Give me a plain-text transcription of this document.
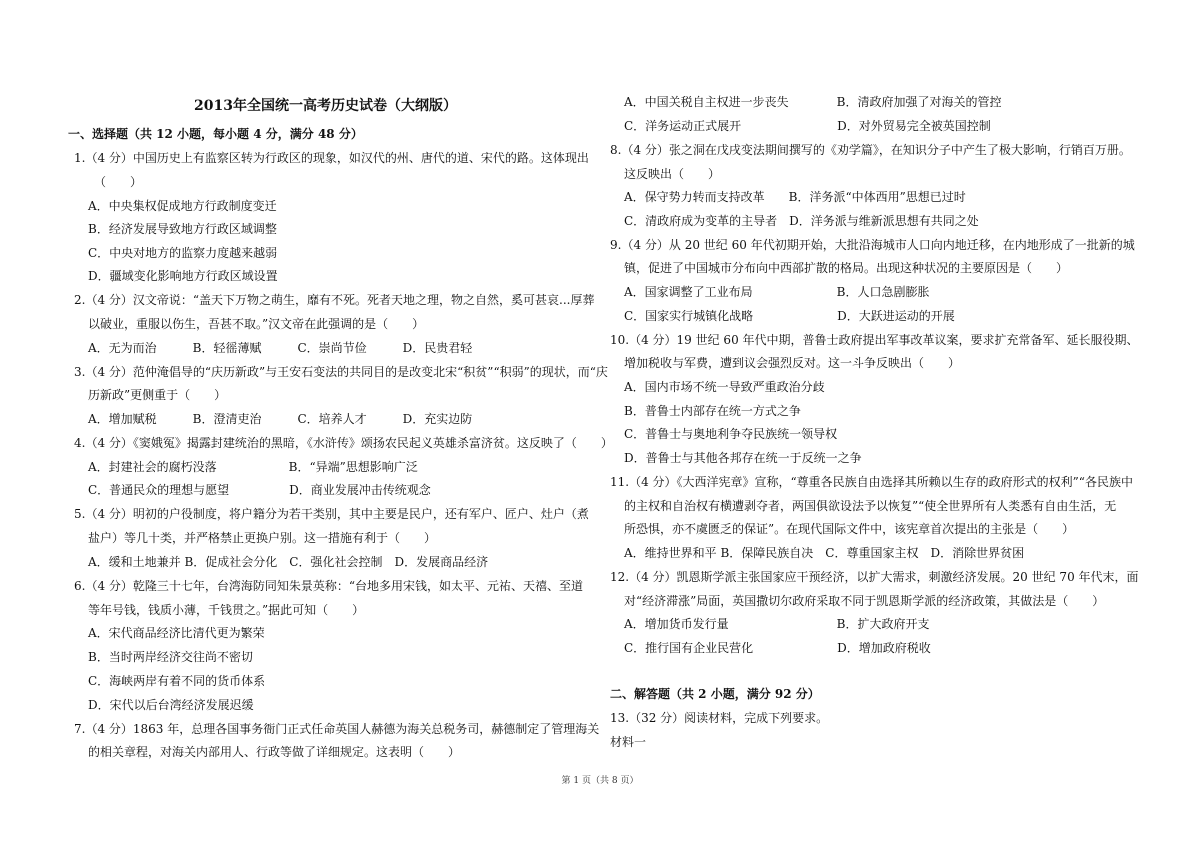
2013年全国统一高考历史试卷（大纲版）
一、选择题（共 12 小题，每小题 4 分，满分 48 分）
1.（4 分）中国历史上有监察区转为行政区的现象，如汉代的州、唐代的道、宋代的路。这体现出
（　　）
A．中央集权促成地方行政制度变迁
B．经济发展导致地方行政区域调整
C．中央对地方的监察力度越来越弱
D．疆域变化影响地方行政区域设置
2.（4 分）汉文帝说：“盖天下万物之萌生，靡有不死。死者天地之理，物之自然，奚可甚哀...厚葬
以破业，重服以伤生，吾甚不取。”汉文帝在此强调的是（　　）
A．无为而治　　　B．轻徭薄赋　　　C．崇尚节俭　　　D．民贵君轻
3.（4 分）范仲淹倡导的“庆历新政”与王安石变法的共同目的是改变北宋“积贫”“积弱”的现状，而“庆
历新政”更侧重于（　　）
A．增加赋税　　　B．澄清吏治　　　C．培养人才　　　D．充实边防
4.（4 分）《窦娥冤》揭露封建统治的黑暗，《水浒传》颂扬农民起义英雄杀富济贫。这反映了（　　）
A．封建社会的腐朽没落　　　　　　B．“异端”思想影响广泛
C．普通民众的理想与愿望　　　　　D．商业发展冲击传统观念
5.（4 分）明初的户役制度，将户籍分为若干类别，其中主要是民户，还有军户、匠户、灶户（煮
盐户）等几十类，并严格禁止更换户别。这一措施有利于（　　）
A．缓和土地兼并 B．促成社会分化　C．强化社会控制　D．发展商品经济
6.（4 分）乾隆三十七年，台湾海防同知朱景英称：“台地多用宋钱，如太平、元祐、天禧、至道
等年号钱，钱质小薄，千钱贯之。”据此可知（　　）
A．宋代商品经济比清代更为繁荣
B．当时两岸经济交往尚不密切
C．海峡两岸有着不同的货币体系
D．宋代以后台湾经济发展迟缓
7.（4 分）1863 年，总理各国事务衙门正式任命英国人赫德为海关总税务司，赫德制定了管理海关
的相关章程，对海关内部用人、行政等做了详细规定。这表明（　　）
A．中国关税自主权进一步丧失　　　　B．清政府加强了对海关的管控
C．洋务运动正式展开　　　　　　　　D．对外贸易完全被英国控制
8.（4 分）张之洞在戊戌变法期间撰写的《劝学篇》，在知识分子中产生了极大影响，行销百万册。
这反映出（　　）
A．保守势力转而支持改革　　B．洋务派“中体西用”思想已过时
C．清政府成为变革的主导者　D．洋务派与维新派思想有共同之处
9.（4 分）从 20 世纪 60 年代初期开始，大批沿海城市人口向内地迁移，在内地形成了一批新的城
镇，促进了中国城市分布向中西部扩散的格局。出现这种状况的主要原因是（　　）
A．国家调整了工业布局　　　　　　　B．人口急剧膨胀
C．国家实行城镇化战略　　　　　　　D．大跃进运动的开展
10.（4 分）19 世纪 60 年代中期，普鲁士政府提出军事改革议案，要求扩充常备军、延长服役期、
增加税收与军费，遭到议会强烈反对。这一斗争反映出（　　）
A．国内市场不统一导致严重政治分歧
B．普鲁士内部存在统一方式之争
C．普鲁士与奥地利争夺民族统一领导权
D．普鲁士与其他各邦存在统一于反统一之争
11.（4 分）《大西洋宪章》宣称，“尊重各民族自由选择其所赖以生存的政府形式的权利”“各民族中
的主权和自治权有横遭剥夺者，两国俱欲设法予以恢复”“使全世界所有人类悉有自由生活，无
所恐惧，亦不虞匮乏的保证”。在现代国际文件中，该宪章首次提出的主张是（　　）
A．维持世界和平 B．保障民族自决　C．尊重国家主权　D．消除世界贫困
12.（4 分）凯恩斯学派主张国家应干预经济，以扩大需求，刺激经济发展。20 世纪 70 年代末，面
对“经济滞涨”局面，英国撒切尔政府采取不同于凯恩斯学派的经济政策，其做法是（　　）
A．增加货币发行量　　　　　　　　　B．扩大政府开支
C．推行国有企业民营化　　　　　　　D．增加政府税收
二、解答题（共 2 小题，满分 92 分）
13.（32 分）阅读材料，完成下列要求。
材料一
第 1 页（共 8 页）
